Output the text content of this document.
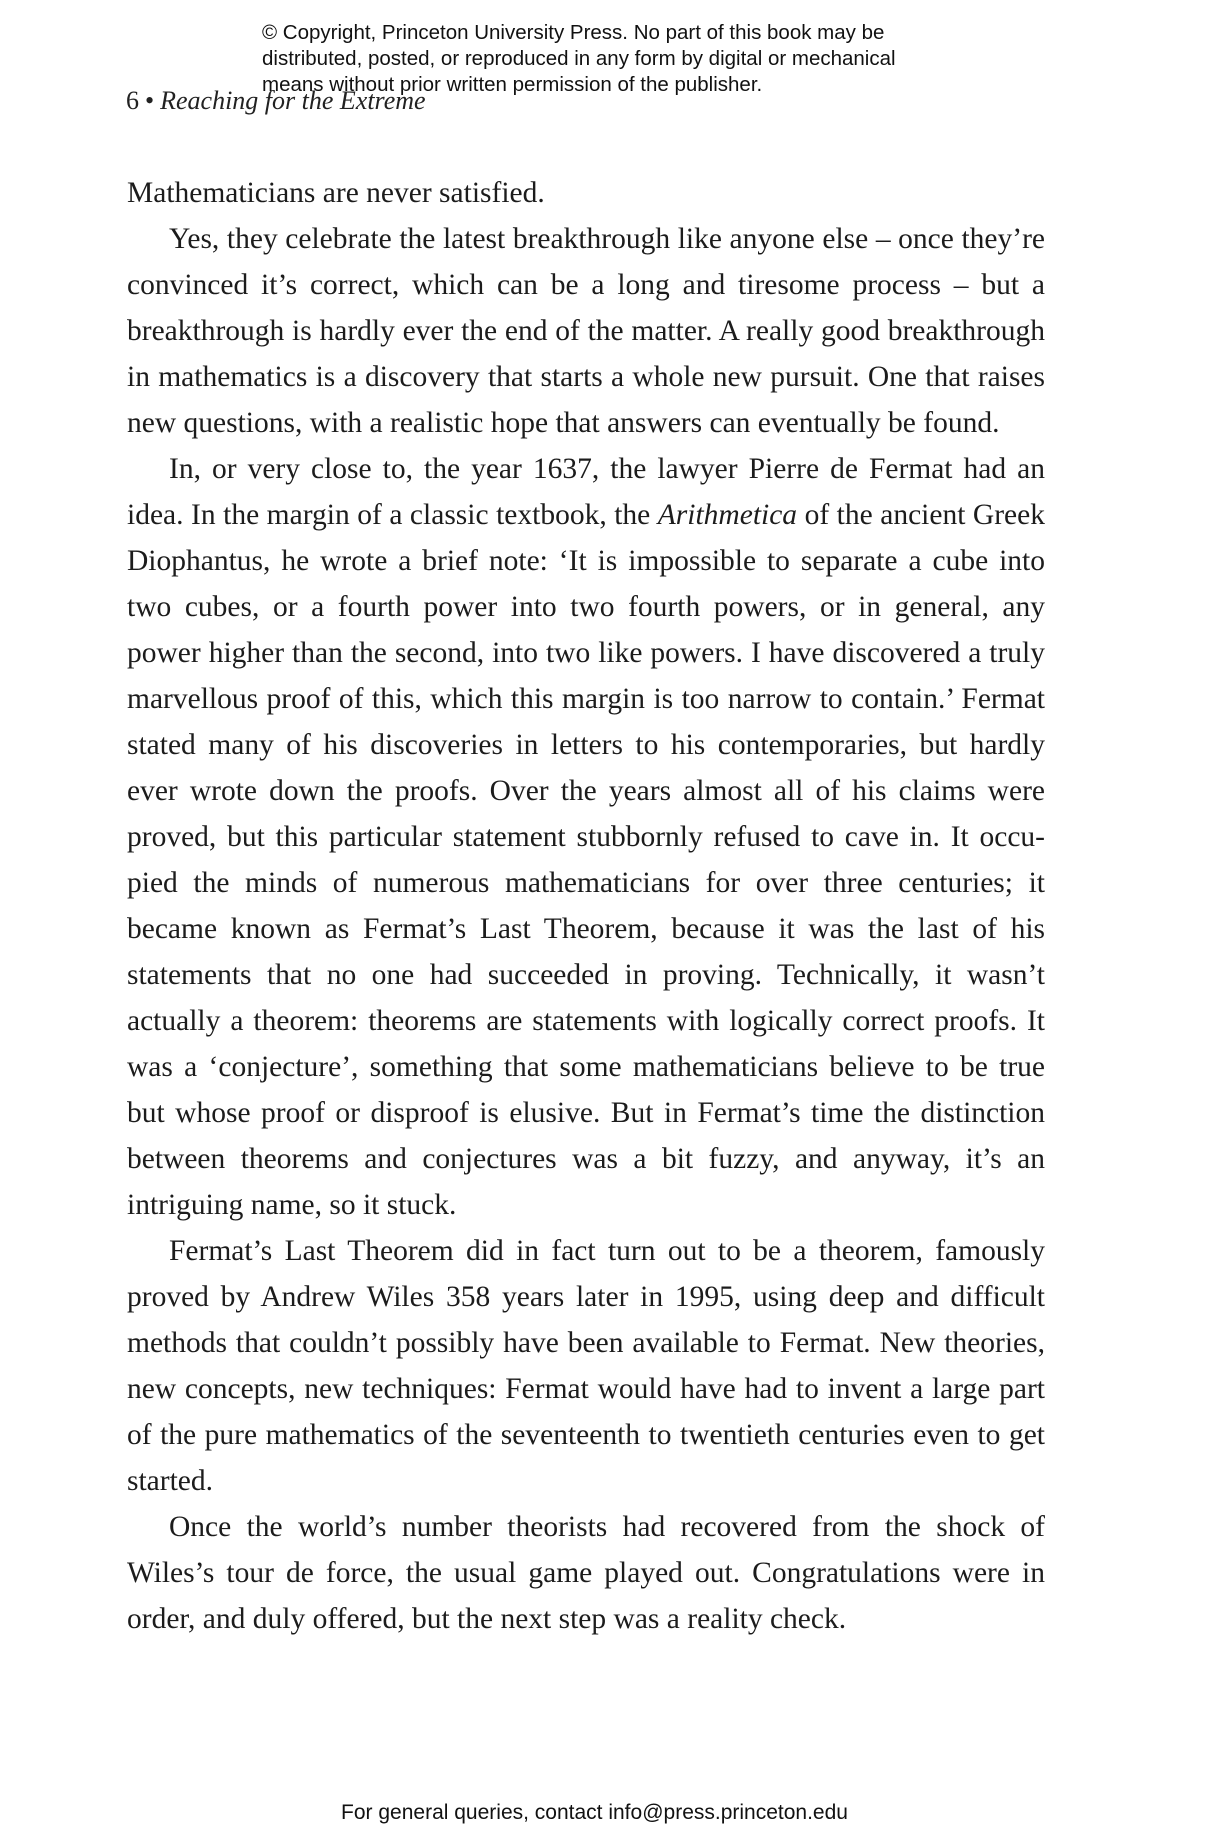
© Copyright, Princeton University Press. No part of this book may be
distributed, posted, or reproduced in any form by digital or mechanical
means without prior written permission of the publisher.
6 • Reaching for the Extreme

Mathematicians are never satisfied.

Yes, they celebrate the latest breakthrough like anyone else – once they’re convinced it’s correct, which can be a long and tiresome process – but a breakthrough is hardly ever the end of the matter. A really good breakthrough in mathematics is a discovery that starts a whole new pursuit. One that raises new questions, with a realistic hope that answers can eventually be found.

In, or very close to, the year 1637, the lawyer Pierre de Fermat had an idea. In the margin of a classic textbook, the Arithmetica of the ancient Greek Diophantus, he wrote a brief note: ‘It is impossible to separate a cube into two cubes, or a fourth power into two fourth powers, or in general, any power higher than the second, into two like powers. I have discovered a truly marvellous proof of this, which this margin is too narrow to contain.’ Fermat stated many of his discoveries in letters to his contemporaries, but hardly ever wrote down the proofs. Over the years almost all of his claims were proved, but this particular statement stubbornly refused to cave in. It occupied the minds of numerous mathematicians for over three centuries; it became known as Fermat’s Last Theorem, because it was the last of his statements that no one had succeeded in proving. Technically, it wasn’t actually a theorem: theorems are statements with logically correct proofs. It was a ‘conjecture’, something that some mathematicians believe to be true but whose proof or disproof is elusive. But in Fermat’s time the distinction between theorems and conjectures was a bit fuzzy, and anyway, it’s an intriguing name, so it stuck.

Fermat’s Last Theorem did in fact turn out to be a theorem, famously proved by Andrew Wiles 358 years later in 1995, using deep and difficult methods that couldn’t possibly have been available to Fermat. New theories, new concepts, new techniques: Fermat would have had to invent a large part of the pure mathematics of the seventeenth to twentieth centuries even to get started.

Once the world’s number theorists had recovered from the shock of Wiles’s tour de force, the usual game played out. Congratulations were in order, and duly offered, but the next step was a reality check.

For general queries, contact info@press.princeton.edu
